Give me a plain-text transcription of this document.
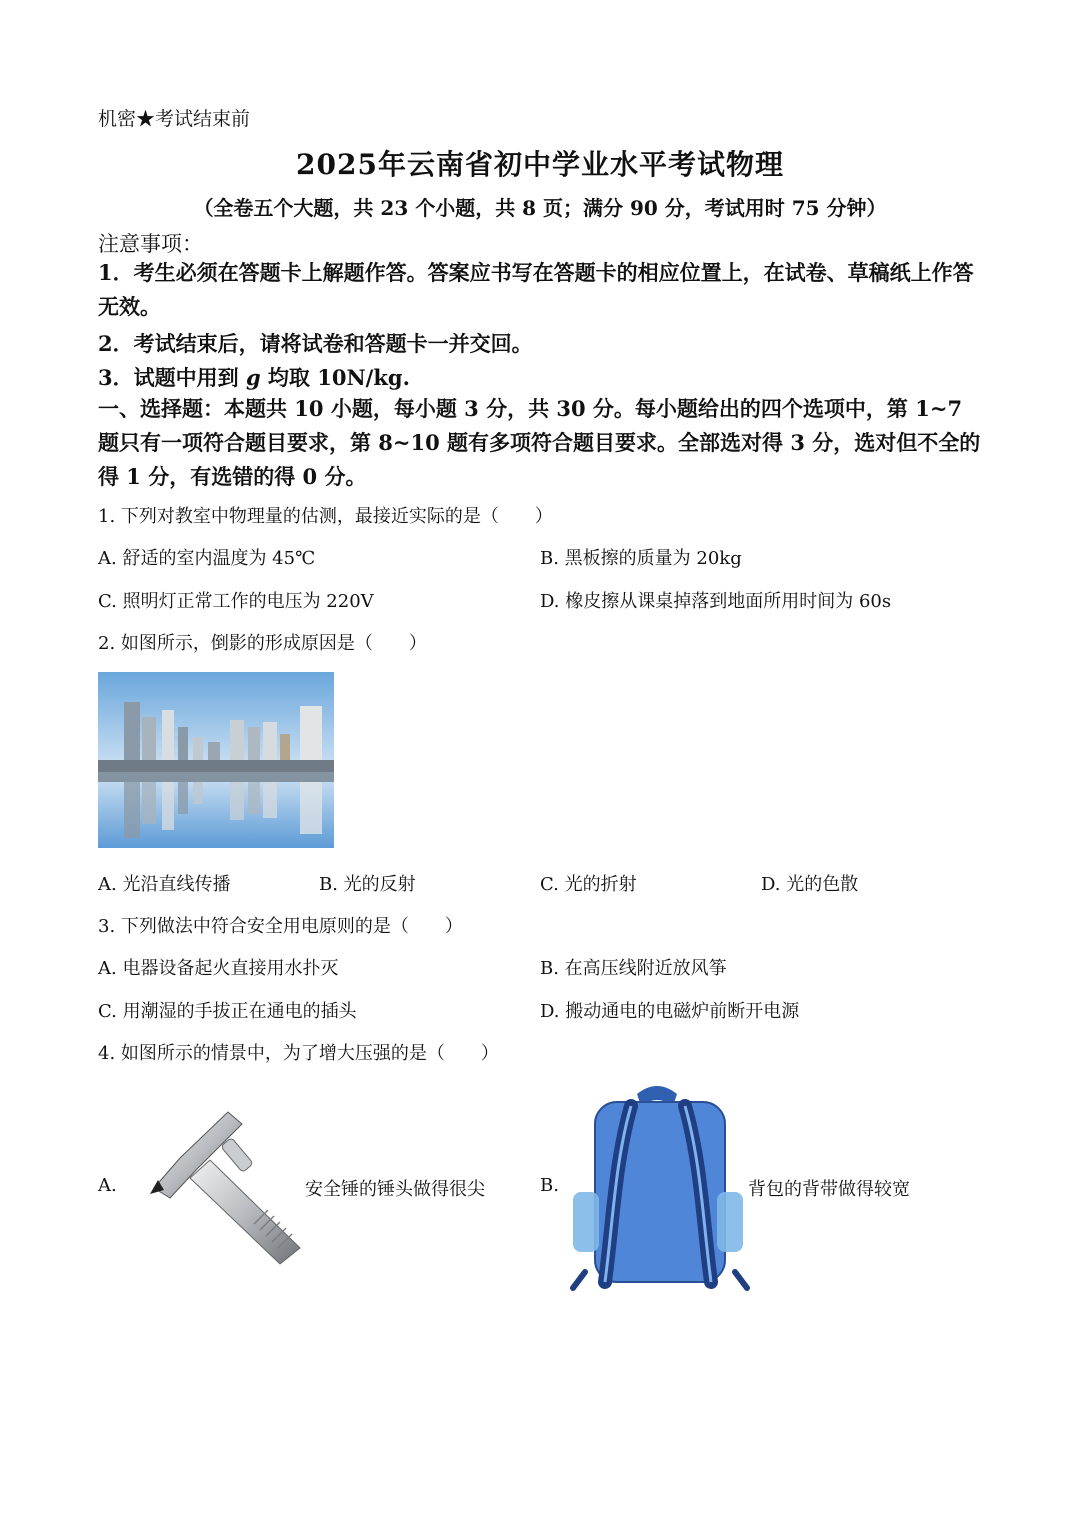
机密★考试结束前
2025年云南省初中学业水平考试物理
（全卷五个大题，共 23 个小题，共 8 页；满分 90 分，考试用时 75 分钟）
注意事项：
1．考生必须在答题卡上解题作答。答案应书写在答题卡的相应位置上，在试卷、草稿纸上作答无效。
2．考试结束后，请将试卷和答题卡一并交回。
3．试题中用到 g 均取 10N/kg.
一、选择题：本题共 10 小题，每小题 3 分，共 30 分。每小题给出的四个选项中，第 1~7 题只有一项符合题目要求，第 8~10 题有多项符合题目要求。全部选对得 3 分，选对但不全的得 1 分，有选错的得 0 分。
1. 下列对教室中物理量的估测，最接近实际的是（　　）
A. 舒适的室内温度为 45℃	B. 黑板擦的质量为 20kg
C. 照明灯正常工作的电压为 220V	D. 橡皮擦从课桌掉落到地面所用时间为 60s
2. 如图所示，倒影的形成原因是（　　）
A. 光沿直线传播	B. 光的反射	C. 光的折射	D. 光的色散
3. 下列做法中符合安全用电原则的是（　　）
A. 电器设备起火直接用水扑灭	B. 在高压线附近放风筝
C. 用潮湿的手拔正在通电的插头	D. 搬动通电的电磁炉前断开电源
4. 如图所示的情景中，为了增大压强的是（　　）
A.	安全锤的锤头做得很尖	B.	背包的背带做得较宽
